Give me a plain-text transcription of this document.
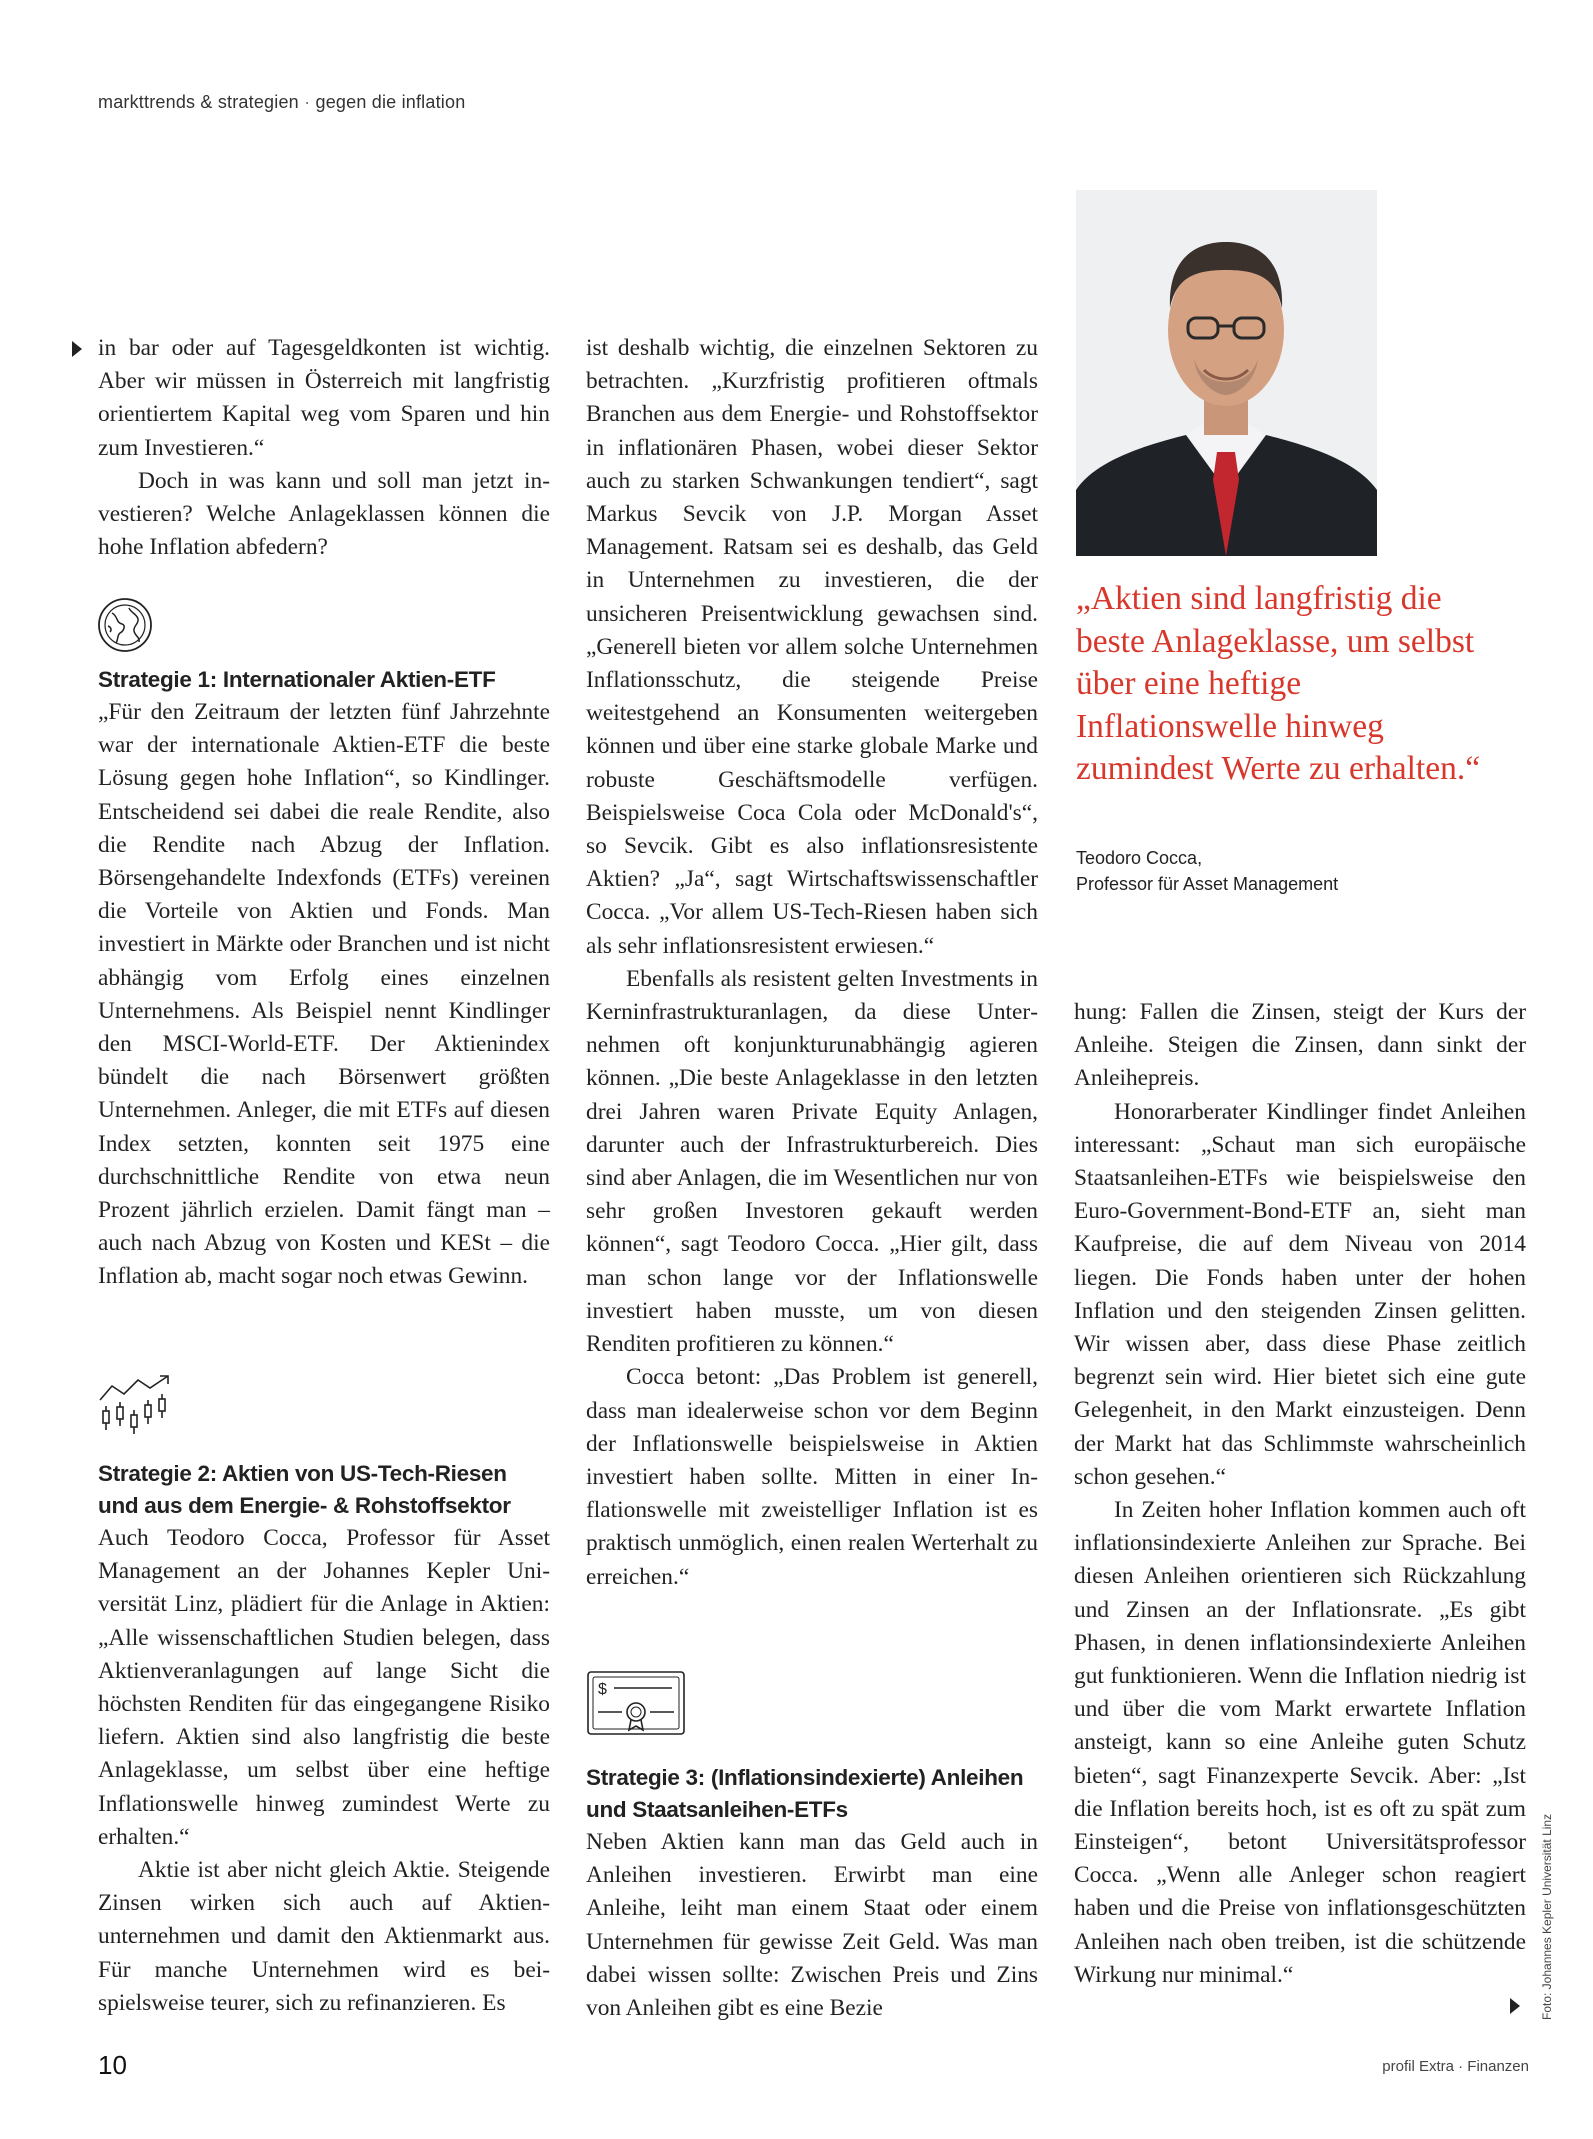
markttrends & strategien · gegen die inflation

in bar oder auf Tagesgeldkonten ist wichtig. Aber wir müssen in Österreich mit langfristig orientiertem Kapital weg vom Sparen und hin zum Investieren.“

Doch in was kann und soll man jetzt investieren? Welche Anlageklassen können die hohe Inflation abfedern?

Strategie 1: Internationaler Aktien-ETF

„Für den Zeitraum der letzten fünf Jahrzehnte war der internationale Aktien-ETF die beste Lösung gegen hohe Inflation“, so Kindlinger. Entscheidend sei dabei die reale Rendite, also die Rendite nach Abzug der Inflation. Börsengehandelte Indexfonds (ETFs) vereinen die Vorteile von Aktien und Fonds. Man investiert in Märkte oder Branchen und ist nicht abhängig vom Erfolg eines einzelnen Unternehmens. Als Beispiel nennt Kindlinger den MSCI-World-ETF. Der Aktienindex bündelt die nach Börsenwert größten Unternehmen. Anleger, die mit ETFs auf diesen Index setzten, konnten seit 1975 eine durchschnittliche Rendite von etwa neun Prozent jährlich erzielen. Damit fängt man – auch nach Abzug von Kosten und KESt – die Inflation ab, macht sogar noch etwas Gewinn.

Strategie 2: Aktien von US-Tech-Riesen und aus dem Energie- & Rohstoffsektor

Auch Teodoro Cocca, Professor für Asset Management an der Johannes Kepler Universität Linz, plädiert für die Anlage in Aktien: „Alle wissenschaftlichen Studien belegen, dass Aktienveranlagungen auf lange Sicht die höchsten Renditen für das eingegangene Risiko liefern. Aktien sind also langfristig die beste Anlageklasse, um selbst über eine heftige Inflationswelle hinweg zumindest Werte zu erhalten.“

Aktie ist aber nicht gleich Aktie. Steigende Zinsen wirken sich auch auf Aktienunternehmen und damit den Aktienmarkt aus. Für manche Unternehmen wird es beispielsweise teurer, sich zu refinanzieren. Es

ist deshalb wichtig, die einzelnen Sektoren zu betrachten. „Kurzfristig profitieren oftmals Branchen aus dem Energie- und Rohstoffsektor in inflationären Phasen, wobei dieser Sektor auch zu starken Schwankungen tendiert“, sagt Markus Sevcik von J.P. Morgan Asset Management. Ratsam sei es deshalb, das Geld in Unternehmen zu investieren, die der unsicheren Preisentwicklung gewachsen sind. „Generell bieten vor allem solche Unternehmen Inflationsschutz, die steigende Preise weitestgehend an Konsumenten weitergeben können und über eine starke globale Marke und robuste Geschäftsmodelle verfügen. Beispielsweise Coca Cola oder McDonald's“, so Sevcik. Gibt es also inflationsresistente Aktien? „Ja“, sagt Wirtschaftswissenschaftler Cocca. „Vor allem US-Tech-Riesen haben sich als sehr inflationsresistent erwiesen.“

Ebenfalls als resistent gelten Investments in Kerninfrastrukturanlagen, da diese Unternehmen oft konjunkturunabhängig agieren können. „Die beste Anlageklasse in den letzten drei Jahren waren Private Equity Anlagen, darunter auch der Infrastrukturbereich. Dies sind aber Anlagen, die im Wesentlichen nur von sehr großen Investoren gekauft werden können“, sagt Teodoro Cocca. „Hier gilt, dass man schon lange vor der Inflationswelle investiert haben musste, um von diesen Renditen profitieren zu können.“

Cocca betont: „Das Problem ist generell, dass man idealerweise schon vor dem Beginn der Inflationswelle beispielsweise in Aktien investiert haben sollte. Mitten in einer Inflationswelle mit zweistelliger Inflation ist es praktisch unmöglich, einen realen Werterhalt zu erreichen.“

$
Strategie 3: (Inflationsindexierte) Anleihen und Staatsanleihen-ETFs

Neben Aktien kann man das Geld auch in Anleihen investieren. Erwirbt man eine Anleihe, leiht man einem Staat oder einem Unternehmen für gewisse Zeit Geld. Was man dabei wissen sollte: Zwischen Preis und Zins von Anleihen gibt es eine Bezie

„Aktien sind langfristig die beste Anlageklasse, um selbst über eine heftige Inflationswelle hinweg zumindest Werte zu erhalten.“
Teodoro Cocca,
Professor für Asset Management

hung: Fallen die Zinsen, steigt der Kurs der Anleihe. Steigen die Zinsen, dann sinkt der Anleihepreis.

Honorarberater Kindlinger findet Anleihen interessant: „Schaut man sich europäische Staatsanleihen-ETFs wie beispielsweise den Euro-Government-Bond-ETF an, sieht man Kaufpreise, die auf dem Niveau von 2014 liegen. Die Fonds haben unter der hohen Inflation und den steigenden Zinsen gelitten. Wir wissen aber, dass diese Phase zeitlich begrenzt sein wird. Hier bietet sich eine gute Gelegenheit, in den Markt einzusteigen. Denn der Markt hat das Schlimmste wahrscheinlich schon gesehen.“

In Zeiten hoher Inflation kommen auch oft inflationsindexierte Anleihen zur Sprache. Bei diesen Anleihen orientieren sich Rückzahlung und Zinsen an der Inflationsrate. „Es gibt Phasen, in denen inflationsindexierte Anleihen gut funktionieren. Wenn die Inflation niedrig ist und über die vom Markt erwartete Inflation ansteigt, kann so eine Anleihe guten Schutz bieten“, sagt Finanzexperte Sevcik. Aber: „Ist die Inflation bereits hoch, ist es oft zu spät zum Einsteigen“, betont Universitätsprofessor Cocca. „Wenn alle Anleger schon reagiert haben und die Preise von inflationsgeschützten Anleihen nach oben treiben, ist die schützende Wirkung nur minimal.“	Foto: Johannes Kepler Universität Linz
10	profil Extra · Finanzen
